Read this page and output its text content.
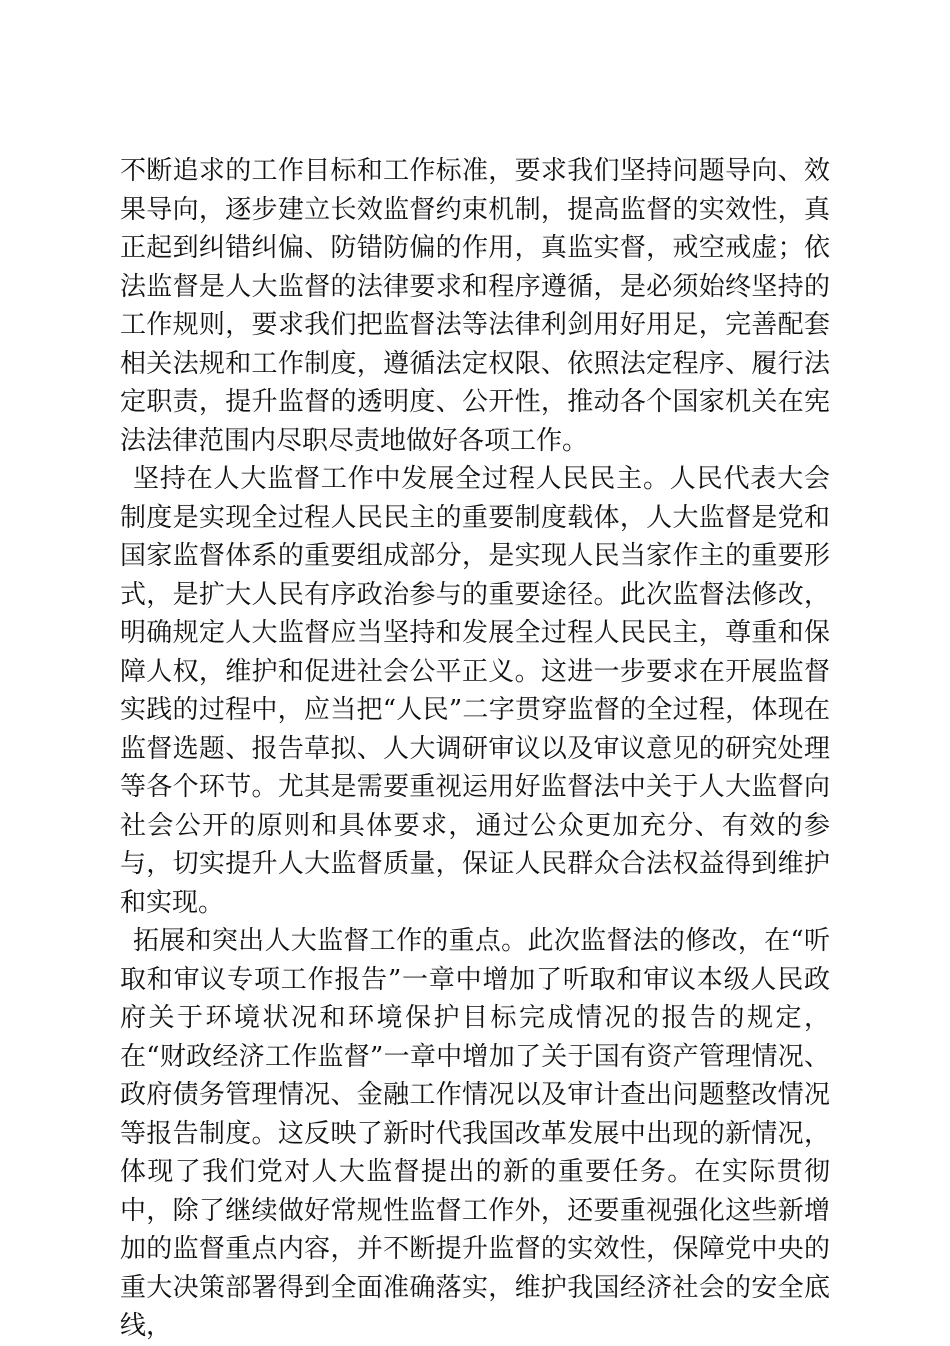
不断追求的工作目标和工作标准，要求我们坚持问题导向、效果导向，逐步建立长效监督约束机制，提高监督的实效性，真正起到纠错纠偏、防错防偏的作用，真监实督，戒空戒虚；依法监督是人大监督的法律要求和程序遵循，是必须始终坚持的工作规则，要求我们把监督法等法律利剑用好用足，完善配套相关法规和工作制度，遵循法定权限、依照法定程序、履行法定职责，提升监督的透明度、公开性，推动各个国家机关在宪法法律范围内尽职尽责地做好各项工作。

坚持在人大监督工作中发展全过程人民民主。人民代表大会制度是实现全过程人民民主的重要制度载体，人大监督是党和国家监督体系的重要组成部分，是实现人民当家作主的重要形式，是扩大人民有序政治参与的重要途径。此次监督法修改，明确规定人大监督应当坚持和发展全过程人民民主，尊重和保障人权，维护和促进社会公平正义。这进一步要求在开展监督实践的过程中，应当把“人民”二字贯穿监督的全过程，体现在监督选题、报告草拟、人大调研审议以及审议意见的研究处理等各个环节。尤其是需要重视运用好监督法中关于人大监督向社会公开的原则和具体要求，通过公众更加充分、有效的参与，切实提升人大监督质量，保证人民群众合法权益得到维护和实现。

拓展和突出人大监督工作的重点。此次监督法的修改，在“听取和审议专项工作报告”一章中增加了听取和审议本级人民政府关于环境状况和环境保护目标完成情况的报告的规定，在“财政经济工作监督”一章中增加了关于国有资产管理情况、政府债务管理情况、金融工作情况以及审计查出问题整改情况等报告制度。这反映了新时代我国改革发展中出现的新情况，体现了我们党对人大监督提出的新的重要任务。在实际贯彻中，除了继续做好常规性监督工作外，还要重视强化这些新增加的监督重点内容，并不断提升监督的实效性，保障党中央的重大决策部署得到全面准确落实，维护我国经济社会的安全底线，
